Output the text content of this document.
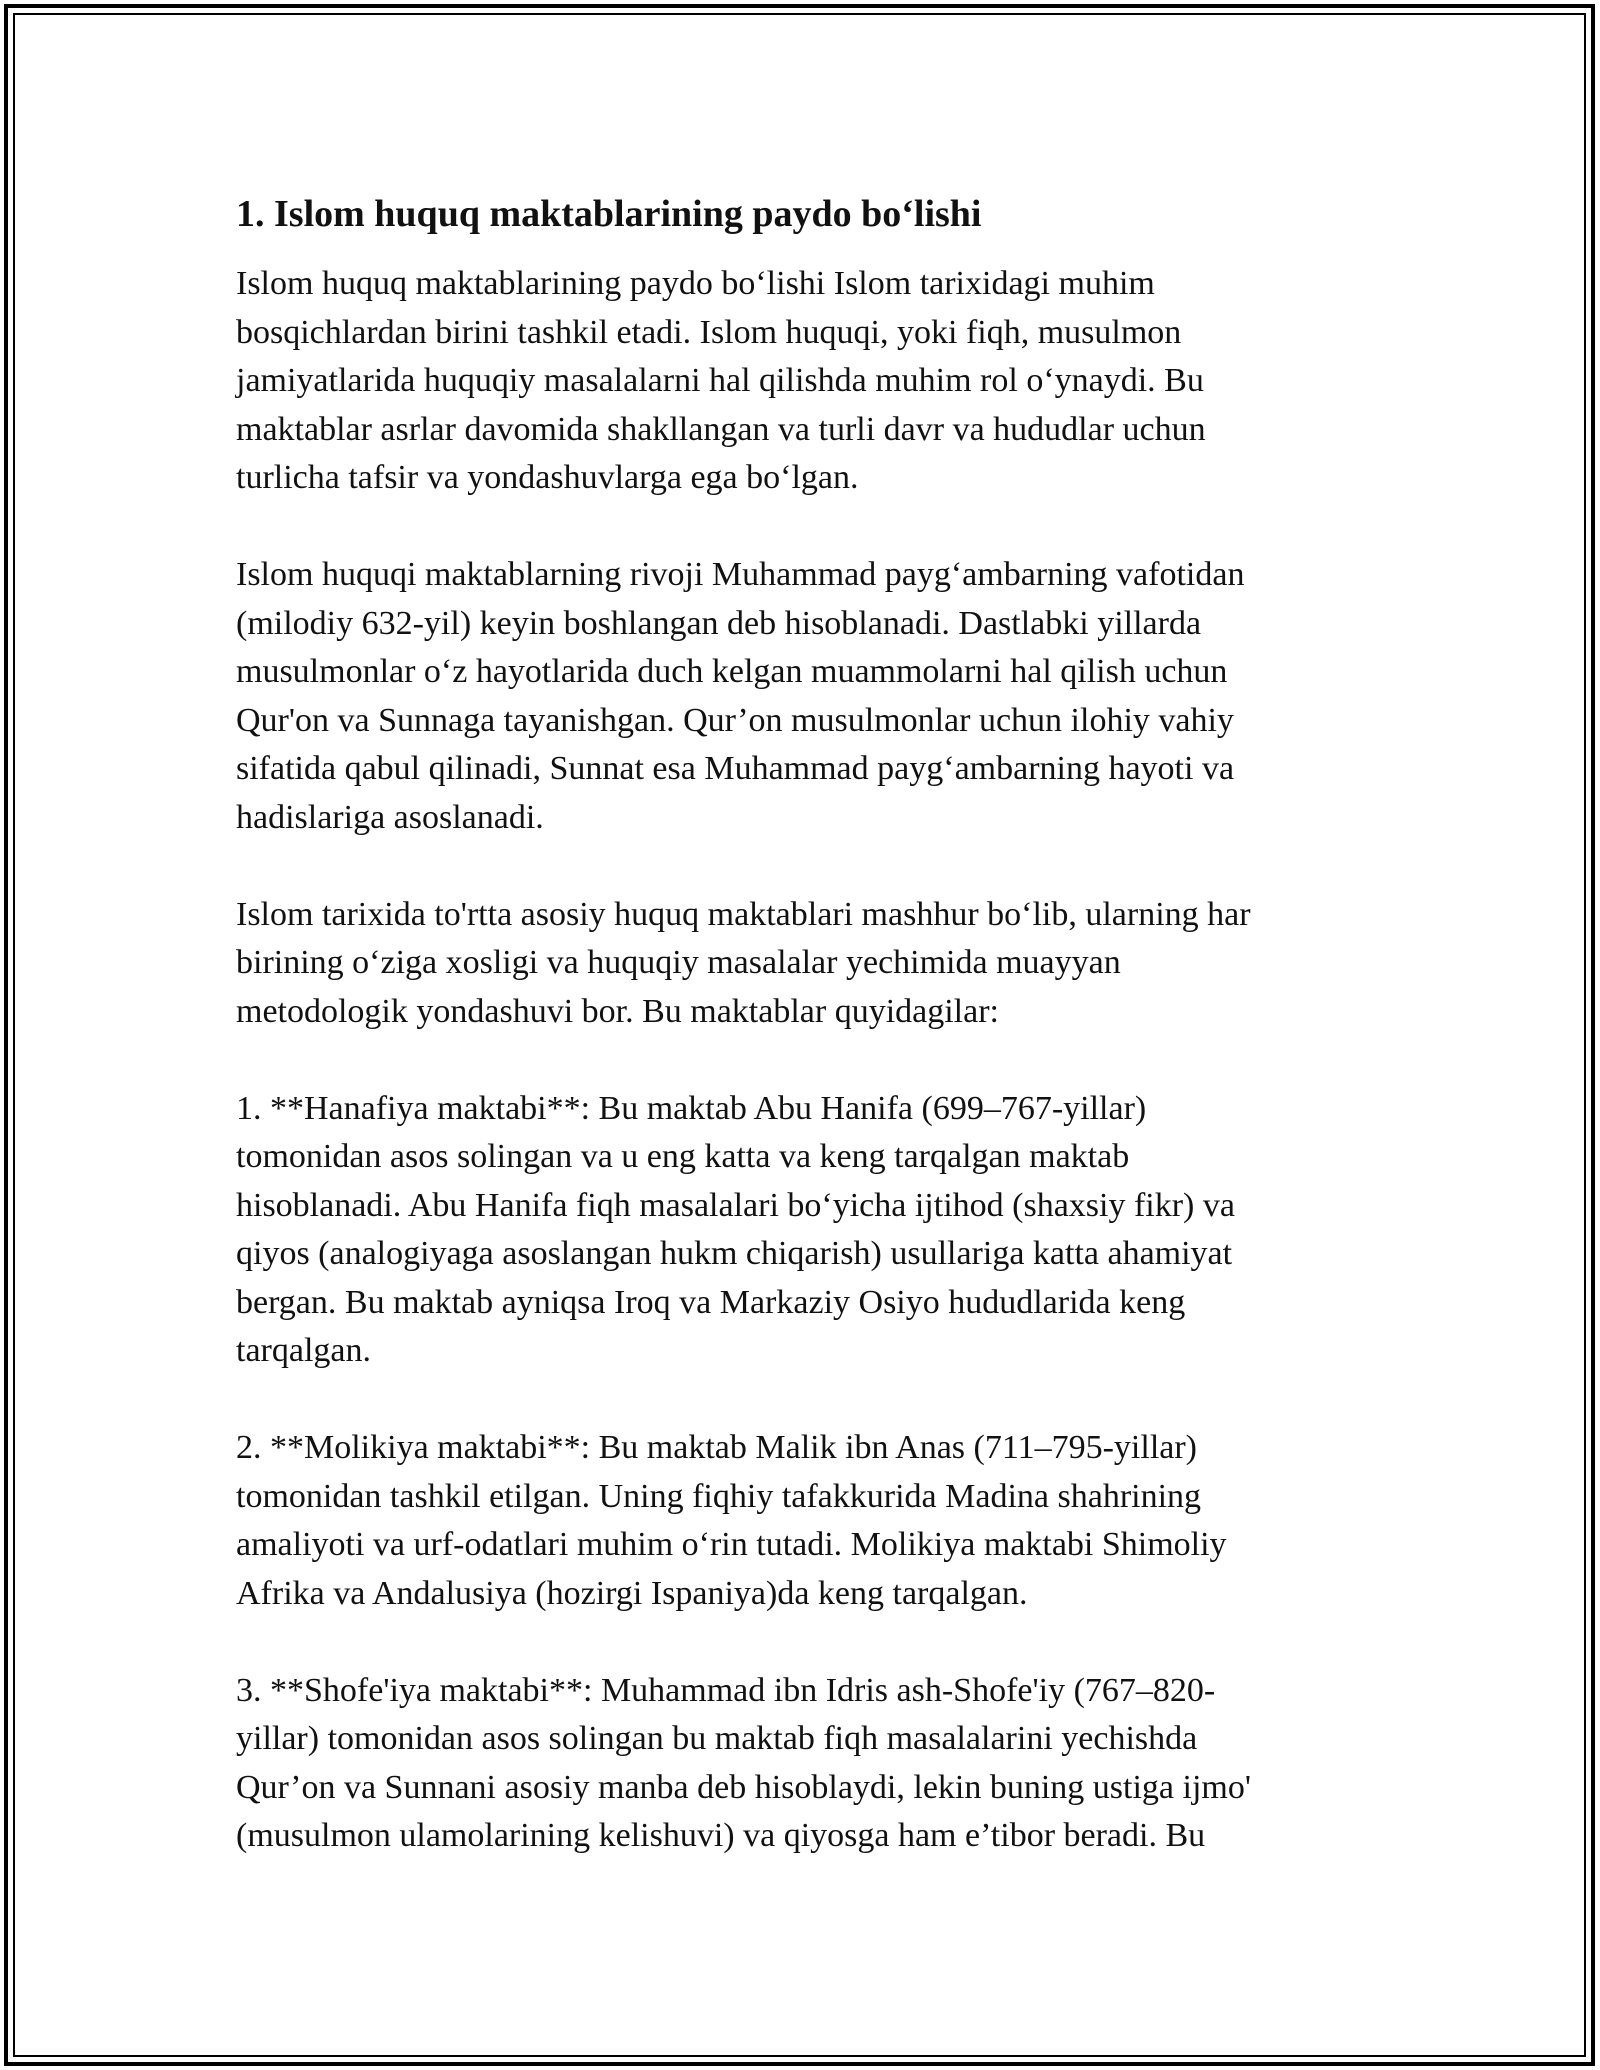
1. Islom huquq maktablarining paydo bo‘lishi

Islom huquq maktablarining paydo bo‘lishi Islom tarixidagi muhim
bosqichlardan birini tashkil etadi. Islom huquqi, yoki fiqh, musulmon
jamiyatlarida huquqiy masalalarni hal qilishda muhim rol o‘ynaydi. Bu
maktablar asrlar davomida shakllangan va turli davr va hududlar uchun
turlicha tafsir va yondashuvlarga ega bo‘lgan.

Islom huquqi maktablarning rivoji Muhammad payg‘ambarning vafotidan
(milodiy 632-yil) keyin boshlangan deb hisoblanadi. Dastlabki yillarda
musulmonlar o‘z hayotlarida duch kelgan muammolarni hal qilish uchun
Qur'on va Sunnaga tayanishgan. Qur’on musulmonlar uchun ilohiy vahiy
sifatida qabul qilinadi, Sunnat esa Muhammad payg‘ambarning hayoti va
hadislariga asoslanadi.

Islom tarixida to'rtta asosiy huquq maktablari mashhur bo‘lib, ularning har
birining o‘ziga xosligi va huquqiy masalalar yechimida muayyan
metodologik yondashuvi bor. Bu maktablar quyidagilar:

1. **Hanafiya maktabi**: Bu maktab Abu Hanifa (699–767-yillar)
tomonidan asos solingan va u eng katta va keng tarqalgan maktab
hisoblanadi. Abu Hanifa fiqh masalalari bo‘yicha ijtihod (shaxsiy fikr) va
qiyos (analogiyaga asoslangan hukm chiqarish) usullariga katta ahamiyat
bergan. Bu maktab ayniqsa Iroq va Markaziy Osiyo hududlarida keng
tarqalgan.

2. **Molikiya maktabi**: Bu maktab Malik ibn Anas (711–795-yillar)
tomonidan tashkil etilgan. Uning fiqhiy tafakkurida Madina shahrining
amaliyoti va urf-odatlari muhim o‘rin tutadi. Molikiya maktabi Shimoliy
Afrika va Andalusiya (hozirgi Ispaniya)da keng tarqalgan.

3. **Shofe'iya maktabi**: Muhammad ibn Idris ash-Shofe'iy (767–820-
yillar) tomonidan asos solingan bu maktab fiqh masalalarini yechishda
Qur’on va Sunnani asosiy manba deb hisoblaydi, lekin buning ustiga ijmo'
(musulmon ulamolarining kelishuvi) va qiyosga ham e’tibor beradi. Bu
